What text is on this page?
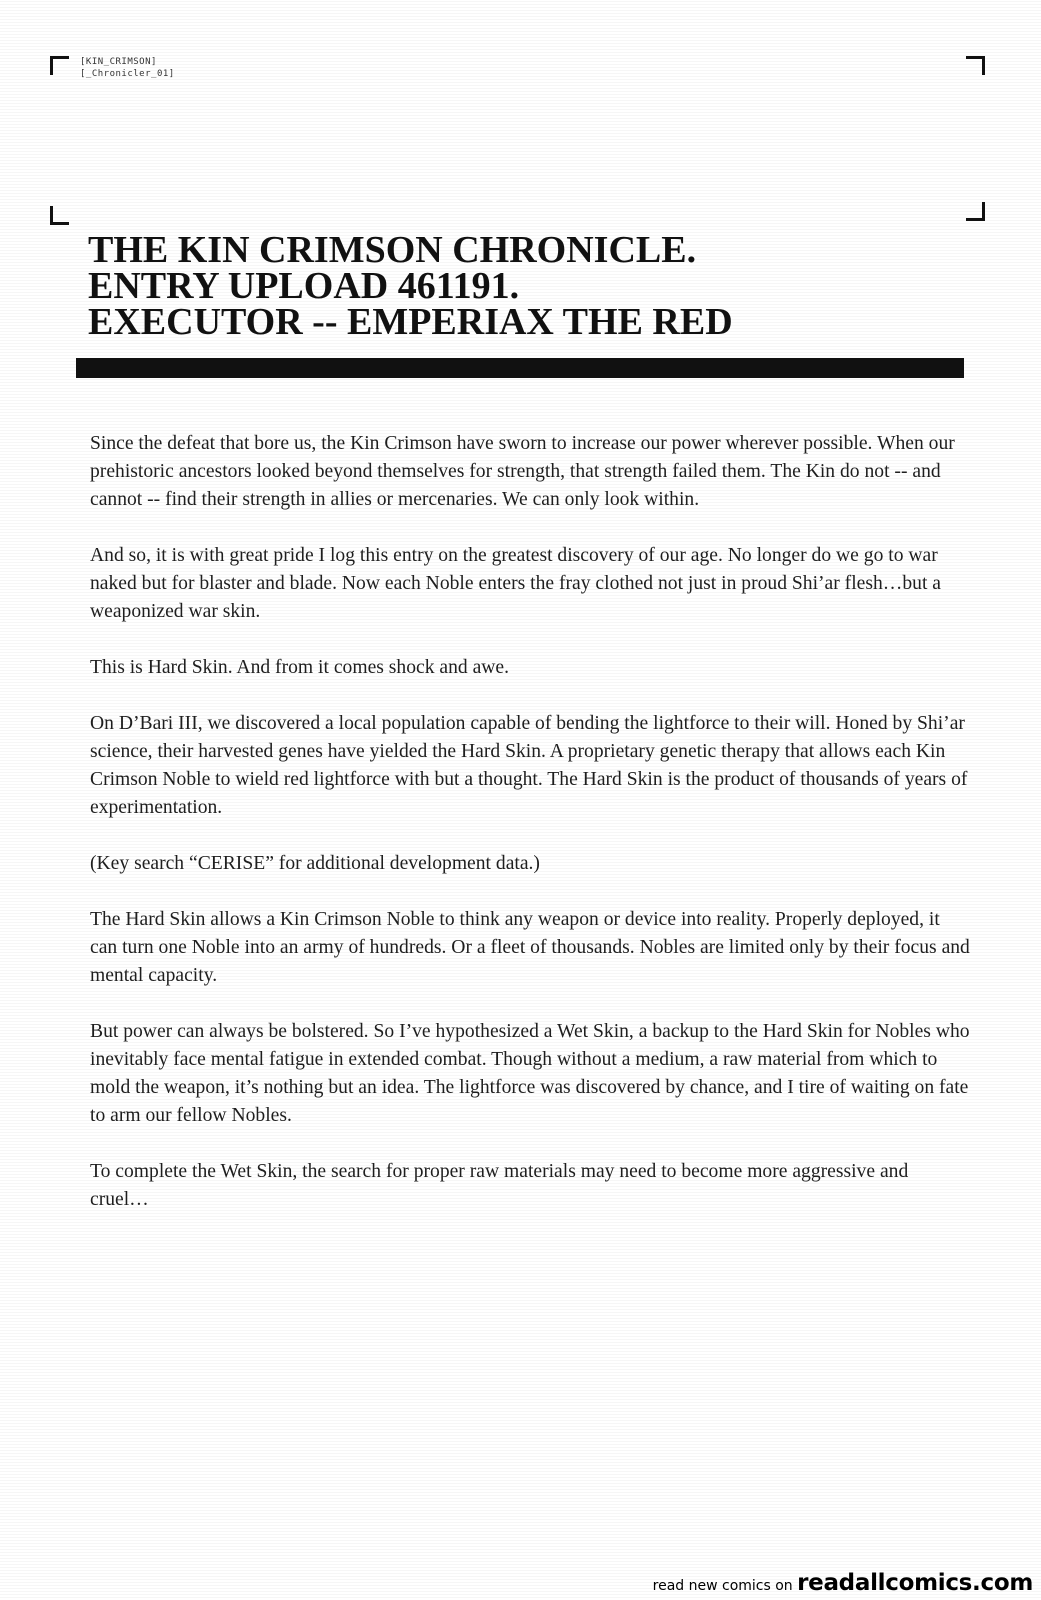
[KIN_CRIMSON]
[_Chronicler_01]
THE KIN CRIMSON CHRONICLE.
ENTRY UPLOAD 461191.
EXECUTOR -- EMPERIAX THE RED

Since the defeat that bore us, the Kin Crimson have sworn to increase our power wherever possible. When our prehistoric ancestors looked beyond themselves for strength, that strength failed them. The Kin do not -- and cannot -- find their strength in allies or mercenaries. We can only look within.

And so, it is with great pride I log this entry on the greatest discovery of our age. No longer do we go to war naked but for blaster and blade. Now each Noble enters the fray clothed not just in proud Shi’ar flesh…but a weaponized war skin.

This is Hard Skin. And from it comes shock and awe.

On D’Bari III, we discovered a local population capable of bending the lightforce to their will. Honed by Shi’ar science, their harvested genes have yielded the Hard Skin. A proprietary genetic therapy that allows each Kin Crimson Noble to wield red lightforce with but a thought. The Hard Skin is the product of thousands of years of experimentation.

(Key search “CERISE” for additional development data.)

The Hard Skin allows a Kin Crimson Noble to think any weapon or device into reality. Properly deployed, it can turn one Noble into an army of hundreds. Or a fleet of thousands. Nobles are limited only by their focus and mental capacity.

But power can always be bolstered. So I’ve hypothesized a Wet Skin, a backup to the Hard Skin for Nobles who inevitably face mental fatigue in extended combat. Though without a medium, a raw material from which to mold the weapon, it’s nothing but an idea. The lightforce was discovered by chance, and I tire of waiting on fate to arm our fellow Nobles.

To complete the Wet Skin, the search for proper raw materials may need to become more aggressive and cruel…

read new comics on readallcomics.com
